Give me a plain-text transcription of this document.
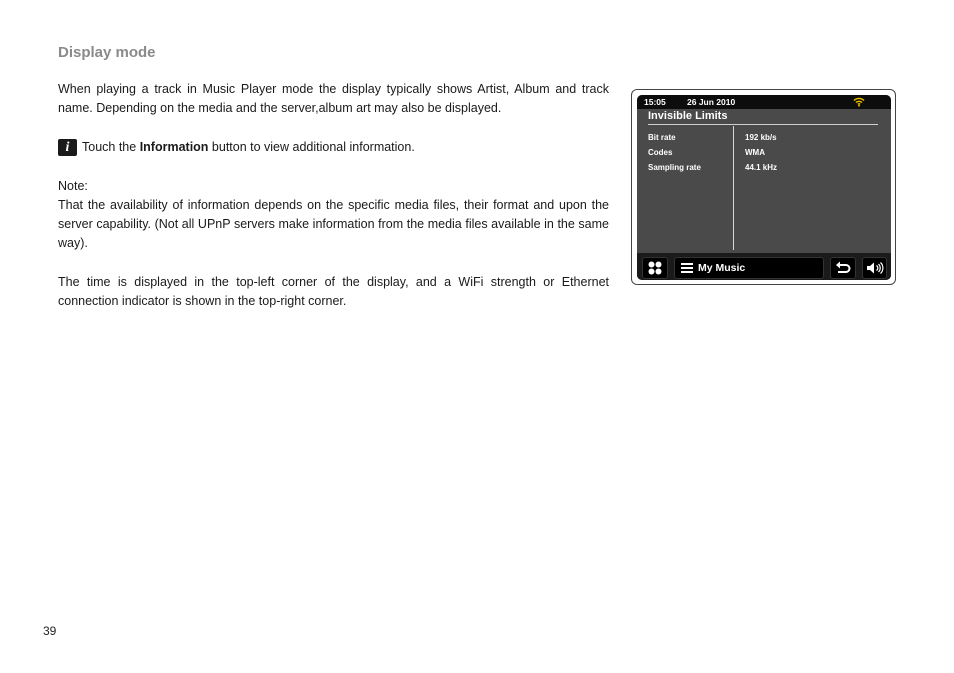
Display mode
When playing a track in Music Player mode the display typically shows Artist, Album and track name. Depending on the media and the server,album art may also be displayed.
i	Touch the Information button to view additional information.
Note:
That the availability of information depends on the specific media files, their format and upon the server capability. (Not all UPnP servers make information from the media files available in the same way).
The time is displayed in the top-left corner of the display, and a WiFi strength or Ethernet connection indicator is shown in the top-right corner.
39
15:05	26 Jun 2010
Invisible Limits
Bit rate	192 kb/s
Codes	WMA
Sampling rate	44.1 kHz
My Music
